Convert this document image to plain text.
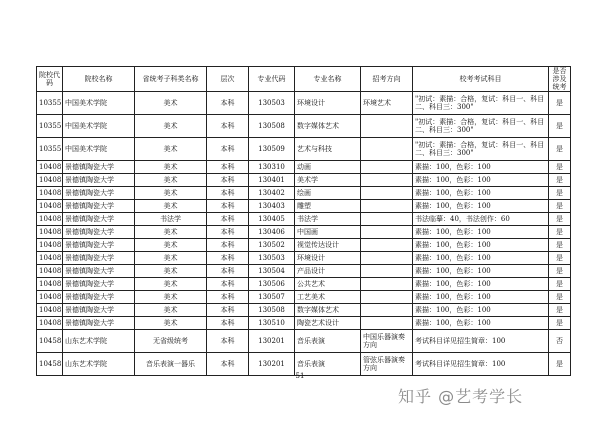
院校代码	院校名称	省统考子科类名称	层次	专业代码	专业名称	招考方向	校考考试科目	是否涉及统考
10355	中国美术学院	美术	本科	130503	环境设计	环境艺术	"初试：素描：合格，复试：科目一、科目二、科目三：300"	是
10355	中国美术学院	美术	本科	130508	数字媒体艺术		"初试：素描：合格，复试：科目一、科目二、科目三：300"	是
10355	中国美术学院	美术	本科	130509	艺术与科技		"初试：素描：合格，复试：科目一、科目二、科目三：300"	是
10408	景德镇陶瓷大学	美术	本科	130310	动画		素描：100，色彩：100	是
10408	景德镇陶瓷大学	美术	本科	130401	美术学		素描：100，色彩：100	是
10408	景德镇陶瓷大学	美术	本科	130402	绘画		素描：100，色彩：100	是
10408	景德镇陶瓷大学	美术	本科	130403	雕塑		素描：100，色彩：100	是
10408	景德镇陶瓷大学	书法学	本科	130405	书法学		书法临摹：40，书法创作：60	是
10408	景德镇陶瓷大学	美术	本科	130406	中国画		素描：100，色彩：100	是
10408	景德镇陶瓷大学	美术	本科	130502	视觉传达设计		素描：100，色彩：100	是
10408	景德镇陶瓷大学	美术	本科	130503	环境设计		素描：100，色彩：100	是
10408	景德镇陶瓷大学	美术	本科	130504	产品设计		素描：100，色彩：100	是
10408	景德镇陶瓷大学	美术	本科	130506	公共艺术		素描：100，色彩：100	是
10408	景德镇陶瓷大学	美术	本科	130507	工艺美术		素描：100，色彩：100	是
10408	景德镇陶瓷大学	美术	本科	130508	数字媒体艺术		素描：100，色彩：100	是
10408	景德镇陶瓷大学	美术	本科	130510	陶瓷艺术设计		素描：100，色彩：100	是
10458	山东艺术学院	无省级统考	本科	130201	音乐表演	中国乐器演奏方向	考试科目详见招生简章：100	否
10458	山东艺术学院	音乐表演一器乐	本科	130201	音乐表演	管弦乐器演奏方向	考试科目详见招生简章：100	是
51
知乎 @艺考学长
